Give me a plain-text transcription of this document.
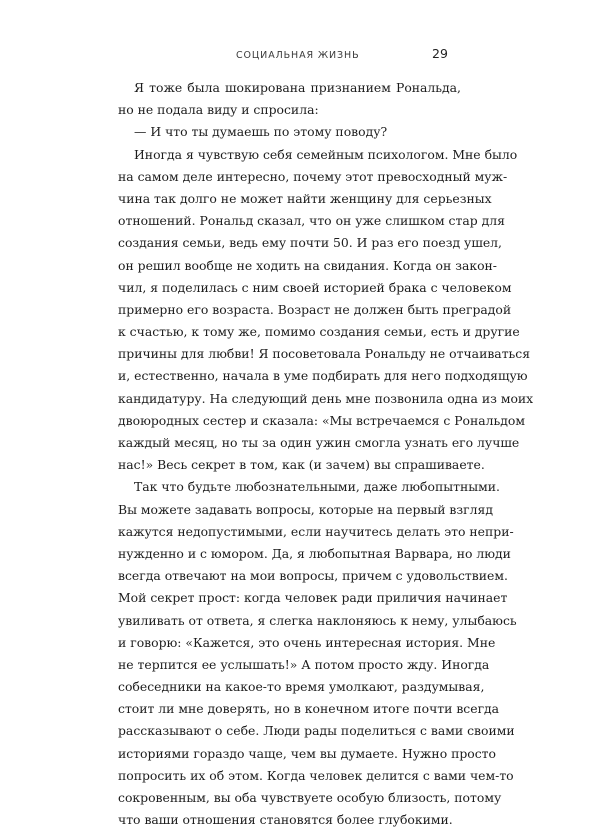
СОЦИАЛЬНАЯ ЖИЗНЬ	29

Я тоже была шокирована признанием Рональда,
но не подала виду и спросила:

— И что ты думаешь по этому поводу?

Иногда я чувствую себя семейным психологом. Мне было
на самом деле интересно, почему этот превосходный муж-
чина так долго не может найти женщину для серьезных
отношений. Рональд сказал, что он уже слишком стар для
создания семьи, ведь ему почти 50. И раз его поезд ушел,
он решил вообще не ходить на свидания. Когда он закон-
чил, я поделилась с ним своей историей брака с человеком
примерно его возраста. Возраст не должен быть преградой
к счастью, к тому же, помимо создания семьи, есть и другие
причины для любви! Я посоветовала Рональду не отчаиваться
и, естественно, начала в уме подбирать для него подходящую
кандидатуру. На следующий день мне позвонила одна из моих
двоюродных сестер и сказала: «Мы встречаемся с Рональдом
каждый месяц, но ты за один ужин смогла узнать его лучше
нас!» Весь секрет в том, как (и зачем) вы спрашиваете.

Так что будьте любознательными, даже любопытными.
Вы можете задавать вопросы, которые на первый взгляд
кажутся недопустимыми, если научитесь делать это непри-
нужденно и с юмором. Да, я любопытная Варвара, но люди
всегда отвечают на мои вопросы, причем с удовольствием.
Мой секрет прост: когда человек ради приличия начинает
увиливать от ответа, я слегка наклоняюсь к нему, улыбаюсь
и говорю: «Кажется, это очень интересная история. Мне
не терпится ее услышать!» А потом просто жду. Иногда
собеседники на какое-то время умолкают, раздумывая,
стоит ли мне доверять, но в конечном итоге почти всегда
рассказывают о себе. Люди рады поделиться с вами своими
историями гораздо чаще, чем вы думаете. Нужно просто
попросить их об этом. Когда человек делится с вами чем-то
сокровенным, вы оба чувствуете особую близость, потому
что ваши отношения становятся более глубокими.
